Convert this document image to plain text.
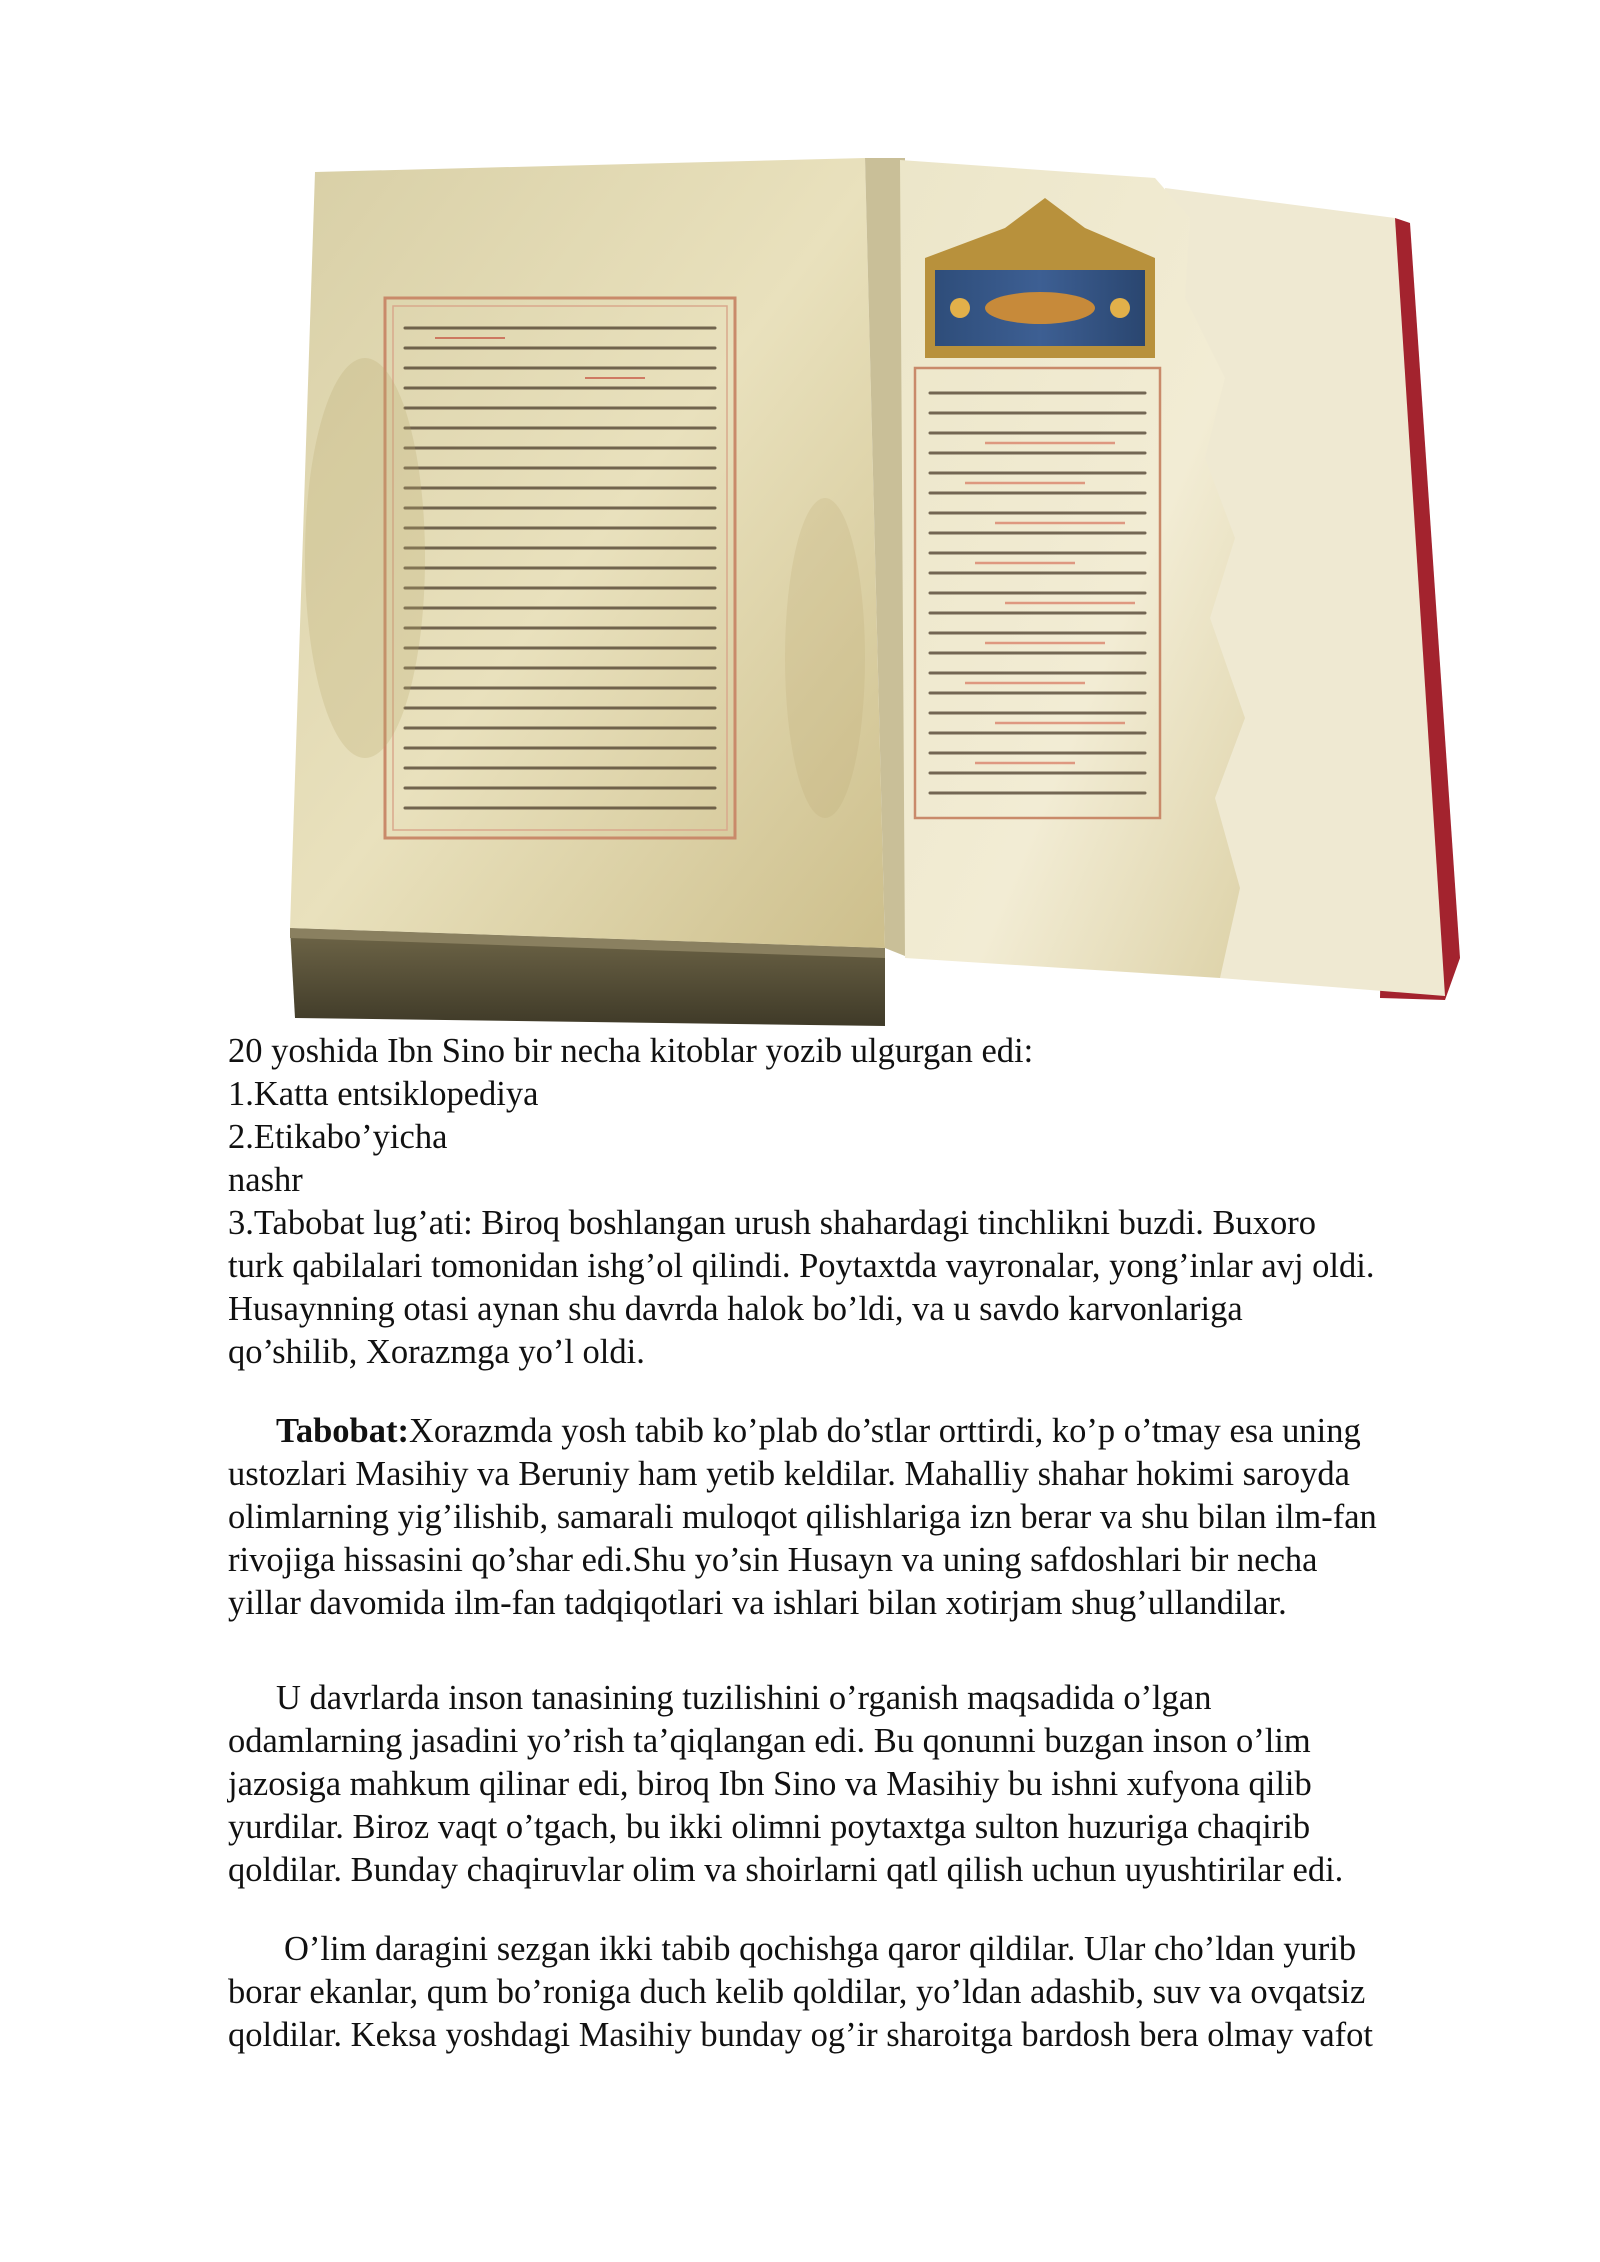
20 yoshida Ibn Sino bir necha kitoblar yozib ulgurgan edi:
1.Katta entsiklopediya
2.Etikabo’yicha
nashr
3.Tabobat lug’ati: Biroq boshlangan urush shahardagi tinchlikni buzdi. Buxoro
turk qabilalari tomonidan ishg’ol qilindi. Poytaxtda vayronalar, yong’inlar avj oldi.
Husaynning otasi aynan shu davrda halok bo’ldi, va u savdo karvonlariga
qo’shilib, Xorazmga yo’l oldi.
Tabobat:Xorazmda yosh tabib ko’plab do’stlar orttirdi, ko’p o’tmay esa uning
ustozlari Masihiy va Beruniy ham yetib keldilar. Mahalliy shahar hokimi saroyda
olimlarning yig’ilishib, samarali muloqot qilishlariga izn berar va shu bilan ilm-fan
rivojiga hissasini qo’shar edi.Shu yo’sin Husayn va uning safdoshlari bir necha
yillar davomida ilm-fan tadqiqotlari va ishlari bilan xotirjam shug’ullandilar.
U davrlarda inson tanasining tuzilishini o’rganish maqsadida o’lgan
odamlarning jasadini yo’rish ta’qiqlangan edi. Bu qonunni buzgan inson o’lim
jazosiga mahkum qilinar edi, biroq Ibn Sino va Masihiy bu ishni xufyona qilib
yurdilar. Biroz vaqt o’tgach, bu ikki olimni poytaxtga sulton huzuriga chaqirib
qoldilar. Bunday chaqiruvlar olim va shoirlarni qatl qilish uchun uyushtirilar edi.
O’lim daragini sezgan ikki tabib qochishga qaror qildilar. Ular cho’ldan yurib
borar ekanlar, qum bo’roniga duch kelib qoldilar, yo’ldan adashib, suv va ovqatsiz
qoldilar. Keksa yoshdagi Masihiy bunday og’ir sharoitga bardosh bera olmay vafot
